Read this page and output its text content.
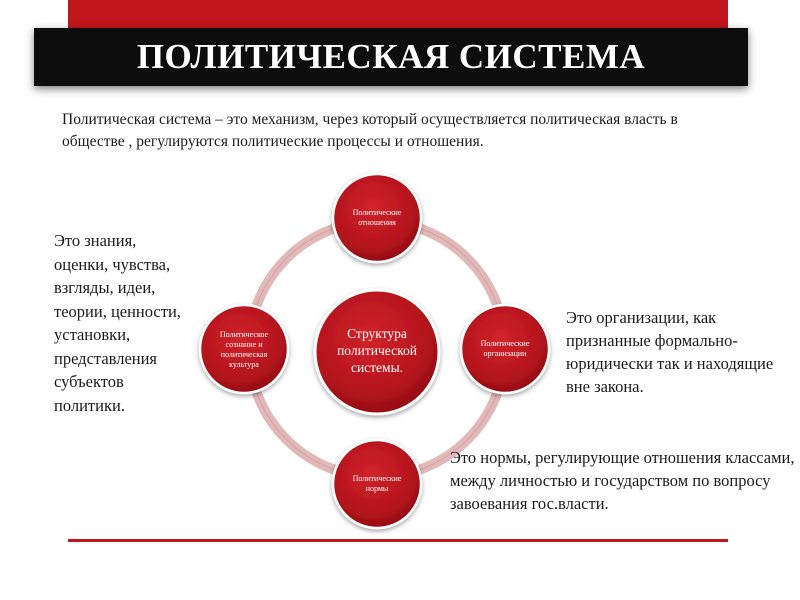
ПОЛИТИЧЕСКАЯ СИСТЕМА
Политическая система – это механизм, через который осуществляется политическая власть в обществе , регулируются политические процессы и отношения.
Структура
политической
системы.
Политические
отношения
Политические
организации
Политические
нормы
Политическое
сознание и
политическая
культура
Это знания, оценки, чувства, взгляды, идеи, теории, ценности, установки, представления субъектов политики.
Это организации, как признанные формально-юридически так и находящие вне закона.
Это нормы, регулирующие отношения классами, между личностью и государством по вопросу завоевания гос.власти.
